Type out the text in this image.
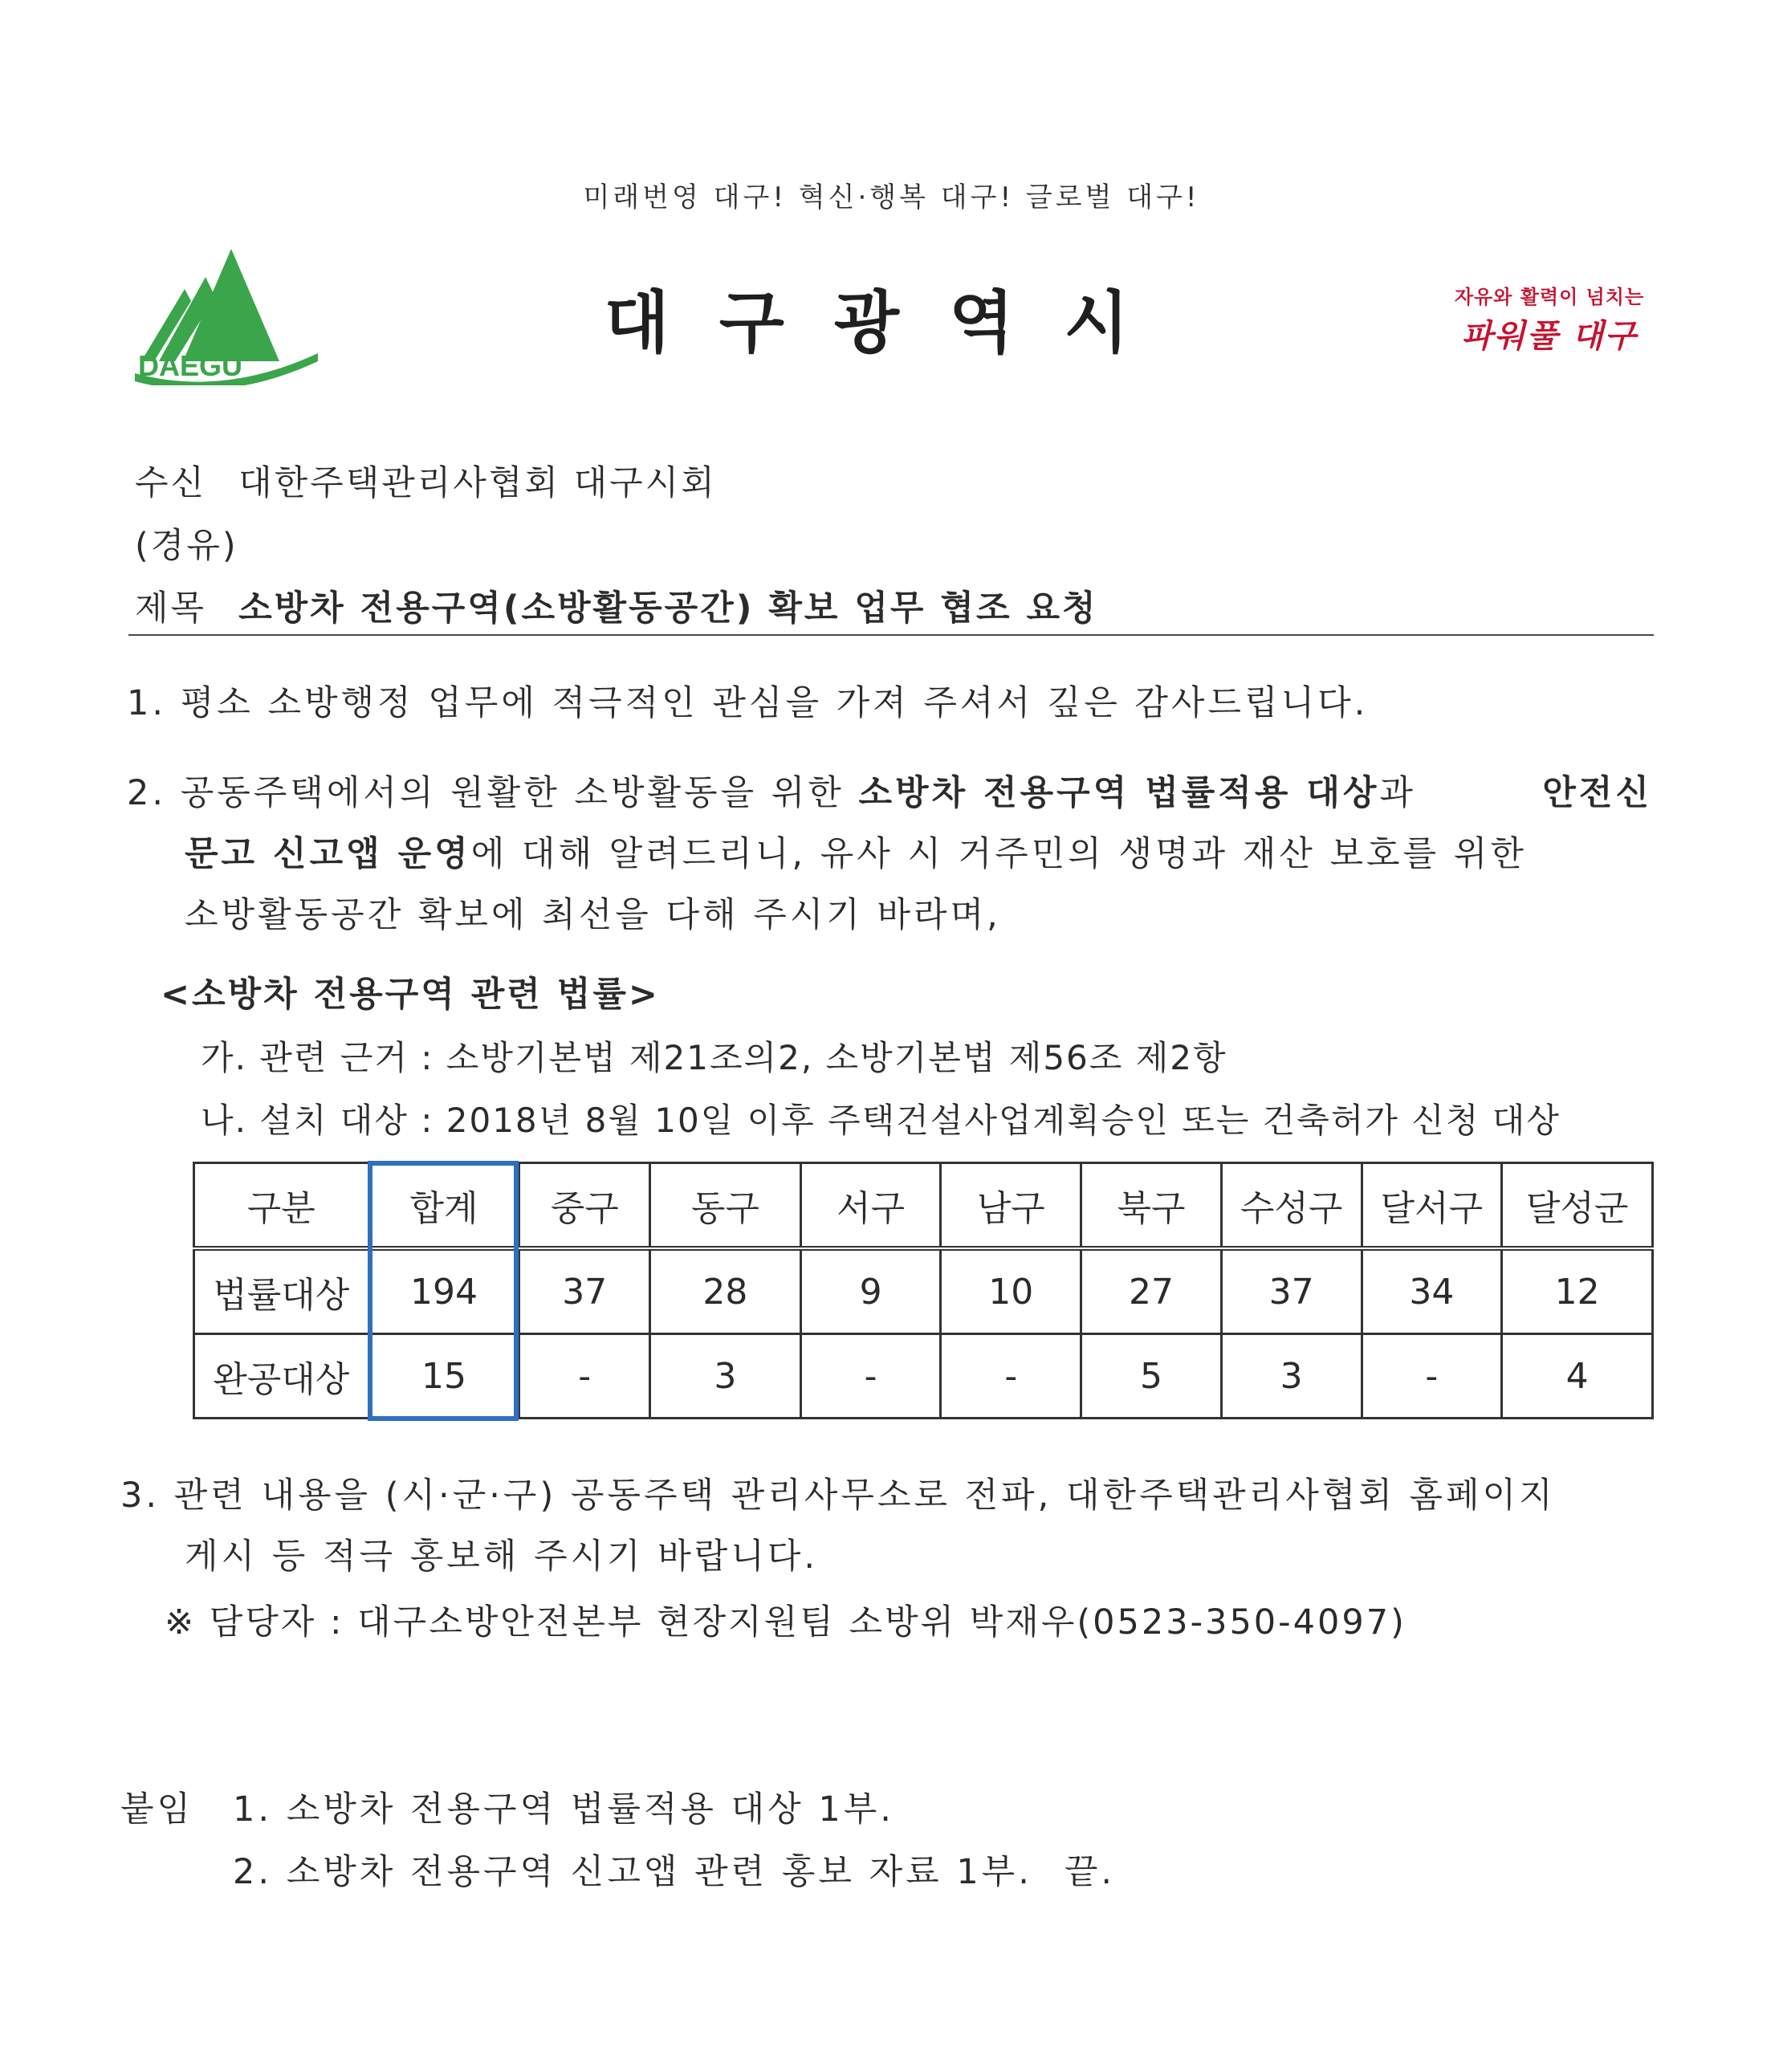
미래번영 대구! 혁신·행복 대구! 글로벌 대구!
DAEGU
대구광역시	자유와 활력이 넘치는
파워풀 대구
수신 대한주택관리사협회 대구시회
(경유)
제목 소방차 전용구역(소방활동공간) 확보 업무 협조 요청
1. 평소 소방행정 업무에 적극적인 관심을 가져 주셔서 깊은 감사드립니다.
2. 공동주택에서의 원활한 소방활동을 위한 소방차 전용구역 법률적용 대상과	안전신
문고 신고앱 운영에 대해 알려드리니, 유사 시 거주민의 생명과 재산 보호를 위한
소방활동공간 확보에 최선을 다해 주시기 바라며,
<소방차 전용구역 관련 법률>
가. 관련 근거 : 소방기본법 제21조의2, 소방기본법 제56조 제2항
나. 설치 대상 : 2018년 8월 10일 이후 주택건설사업계획승인 또는 건축허가 신청 대상
구분	합계	중구	동구	서구	남구	북구	수성구	달서구	달성군
법률대상	194	37	28	9	10	27	37	34	12
완공대상	15	-	3	-	-	5	3	-	4
3. 관련 내용을 (시·군·구) 공동주택 관리사무소로 전파, 대한주택관리사협회 홈페이지
게시 등 적극 홍보해 주시기 바랍니다.
※ 담당자 : 대구소방안전본부 현장지원팀 소방위 박재우(0523-350-4097)
붙임 1. 소방차 전용구역 법률적용 대상 1부.
2. 소방차 전용구역 신고앱 관련 홍보 자료 1부. 끝.
